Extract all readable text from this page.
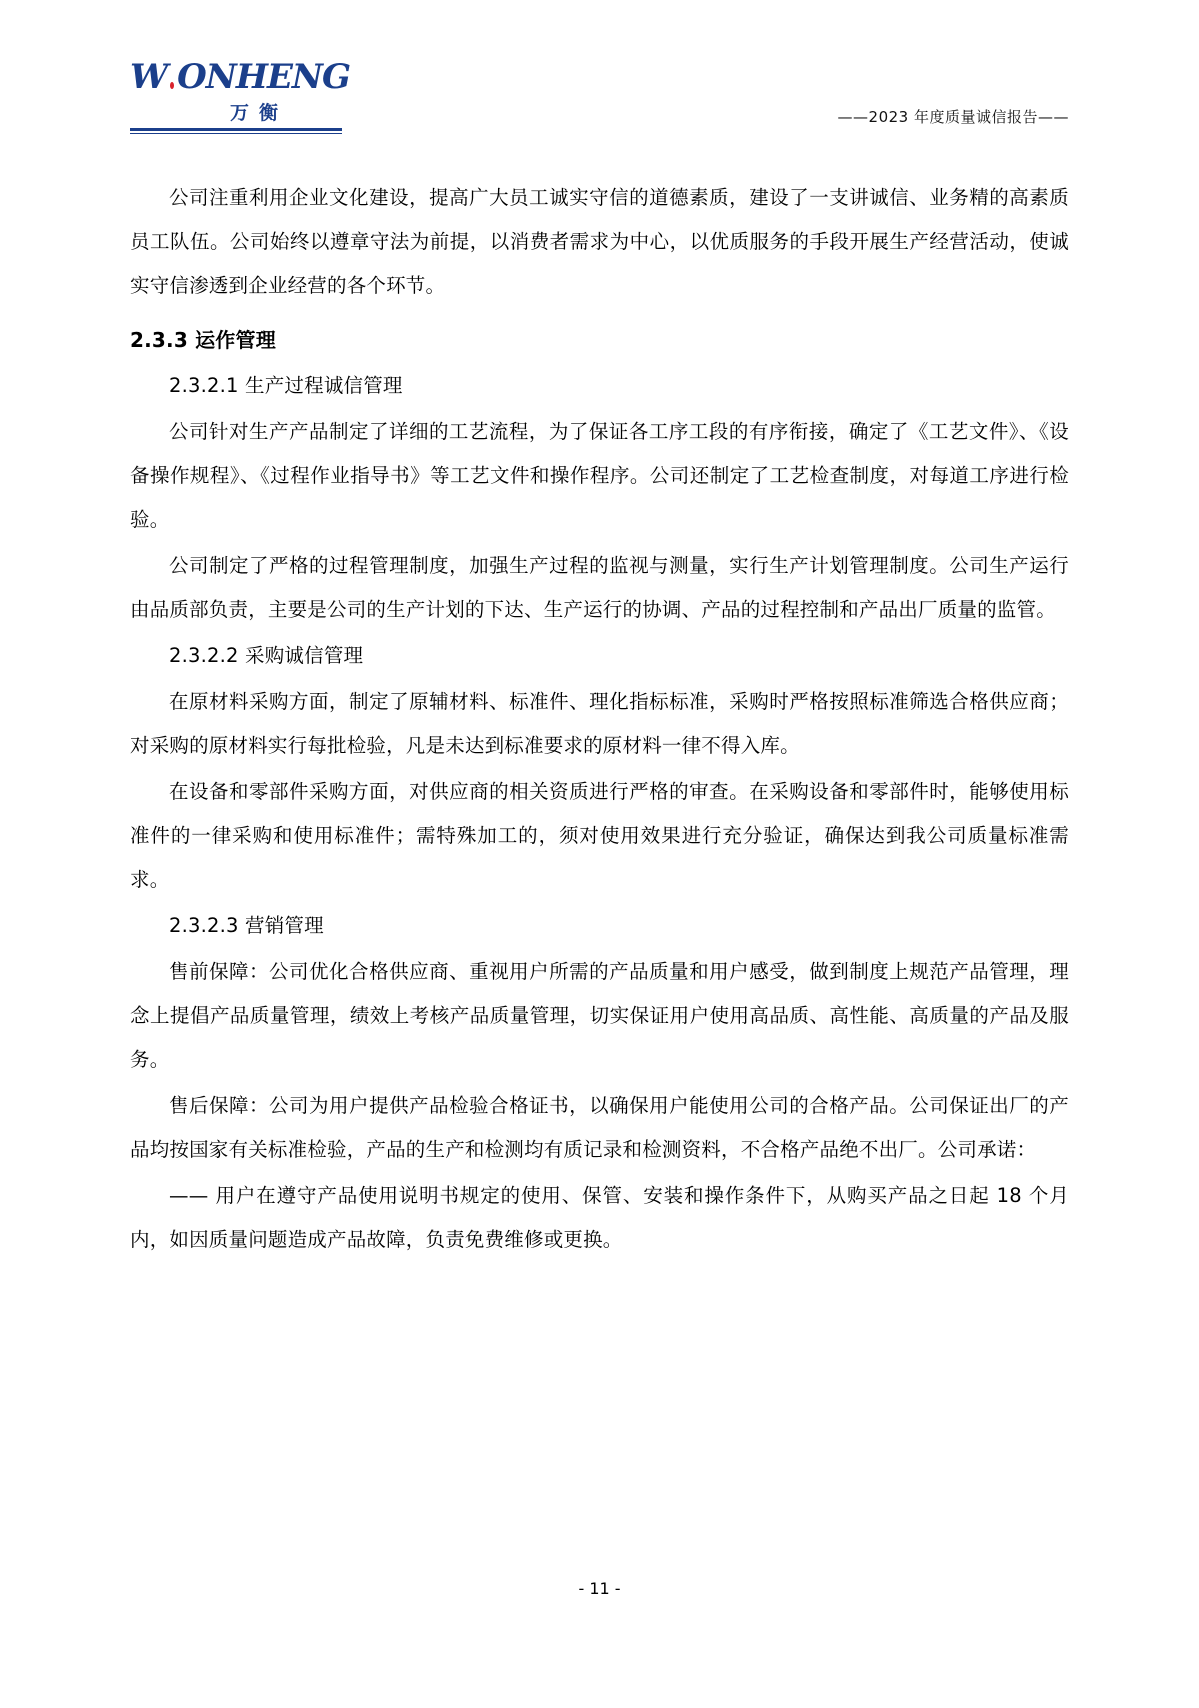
W ONHENG
万衡	——2023 年度质量诚信报告——

公司注重利用企业文化建设，提高广大员工诚实守信的道德素质，建设了一支讲诚信、业务精的高素质员工队伍。公司始终以遵章守法为前提，以消费者需求为中心，以优质服务的手段开展生产经营活动，使诚实守信渗透到企业经营的各个环节。

2.3.3 运作管理

2.3.2.1 生产过程诚信管理

公司针对生产产品制定了详细的工艺流程，为了保证各工序工段的有序衔接，确定了《工艺文件》、《设备操作规程》、《过程作业指导书》等工艺文件和操作程序。公司还制定了工艺检查制度，对每道工序进行检验。

公司制定了严格的过程管理制度，加强生产过程的监视与测量，实行生产计划管理制度。公司生产运行由品质部负责，主要是公司的生产计划的下达、生产运行的协调、产品的过程控制和产品出厂质量的监管。

2.3.2.2 采购诚信管理

在原材料采购方面，制定了原辅材料、标准件、理化指标标准，采购时严格按照标准筛选合格供应商；对采购的原材料实行每批检验，凡是未达到标准要求的原材料一律不得入库。

在设备和零部件采购方面，对供应商的相关资质进行严格的审查。在采购设备和零部件时，能够使用标准件的一律采购和使用标准件；需特殊加工的，须对使用效果进行充分验证，确保达到我公司质量标准需求。

2.3.2.3 营销管理

售前保障：公司优化合格供应商、重视用户所需的产品质量和用户感受，做到制度上规范产品管理，理念上提倡产品质量管理，绩效上考核产品质量管理，切实保证用户使用高品质、高性能、高质量的产品及服务。

售后保障：公司为用户提供产品检验合格证书，以确保用户能使用公司的合格产品。公司保证出厂的产品均按国家有关标准检验，产品的生产和检测均有质记录和检测资料，不合格产品绝不出厂。公司承诺：

—— 用户在遵守产品使用说明书规定的使用、保管、安装和操作条件下，从购买产品之日起 18 个月内，如因质量问题造成产品故障，负责免费维修或更换。

- 11 -
